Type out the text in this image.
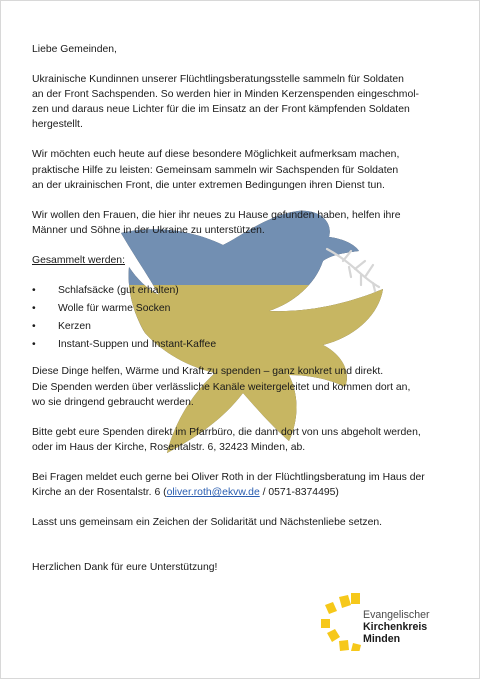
Liebe Gemeinden,

Ukrainische Kundinnen unserer Flüchtlingsberatungsstelle sammeln für Soldaten
an der Front Sachspenden. So werden hier in Minden Kerzenspenden eingeschmol-
zen und daraus neue Lichter für die im Einsatz an der Front kämpfenden Soldaten
hergestellt.

Wir möchten euch heute auf diese besondere Möglichkeit aufmerksam machen,
praktische Hilfe zu leisten: Gemeinsam sammeln wir Sachspenden für Soldaten
an der ukrainischen Front, die unter extremen Bedingungen ihren Dienst tun.

Wir wollen den Frauen, die hier ihr neues zu Hause gefunden haben, helfen ihre
Männer und Söhne in der Ukraine zu unterstützen.

Gesammelt werden:

• Schlafsäcke (gut erhalten)
• Wolle für warme Socken
• Kerzen
• Instant-Suppen und Instant-Kaffee

Diese Dinge helfen, Wärme und Kraft zu spenden – ganz konkret und direkt.
Die Spenden werden über verlässliche Kanäle weitergeleitet und kommen dort an,
wo sie dringend gebraucht werden.

Bitte gebt eure Spenden direkt im Pfarrbüro, die dann dort von uns abgeholt werden,
oder im Haus der Kirche, Rosentalstr. 6, 32423 Minden, ab.

Bei Fragen meldet euch gerne bei Oliver Roth in der Flüchtlingsberatung im Haus der
Kirche an der Rosentalstr. 6 (oliver.roth@ekvw.de / 0571-8374495)

Lasst uns gemeinsam ein Zeichen der Solidarität und Nächstenliebe setzen.

Herzlichen Dank für eure Unterstützung!

Evangelischer
Kirchenkreis
Minden
